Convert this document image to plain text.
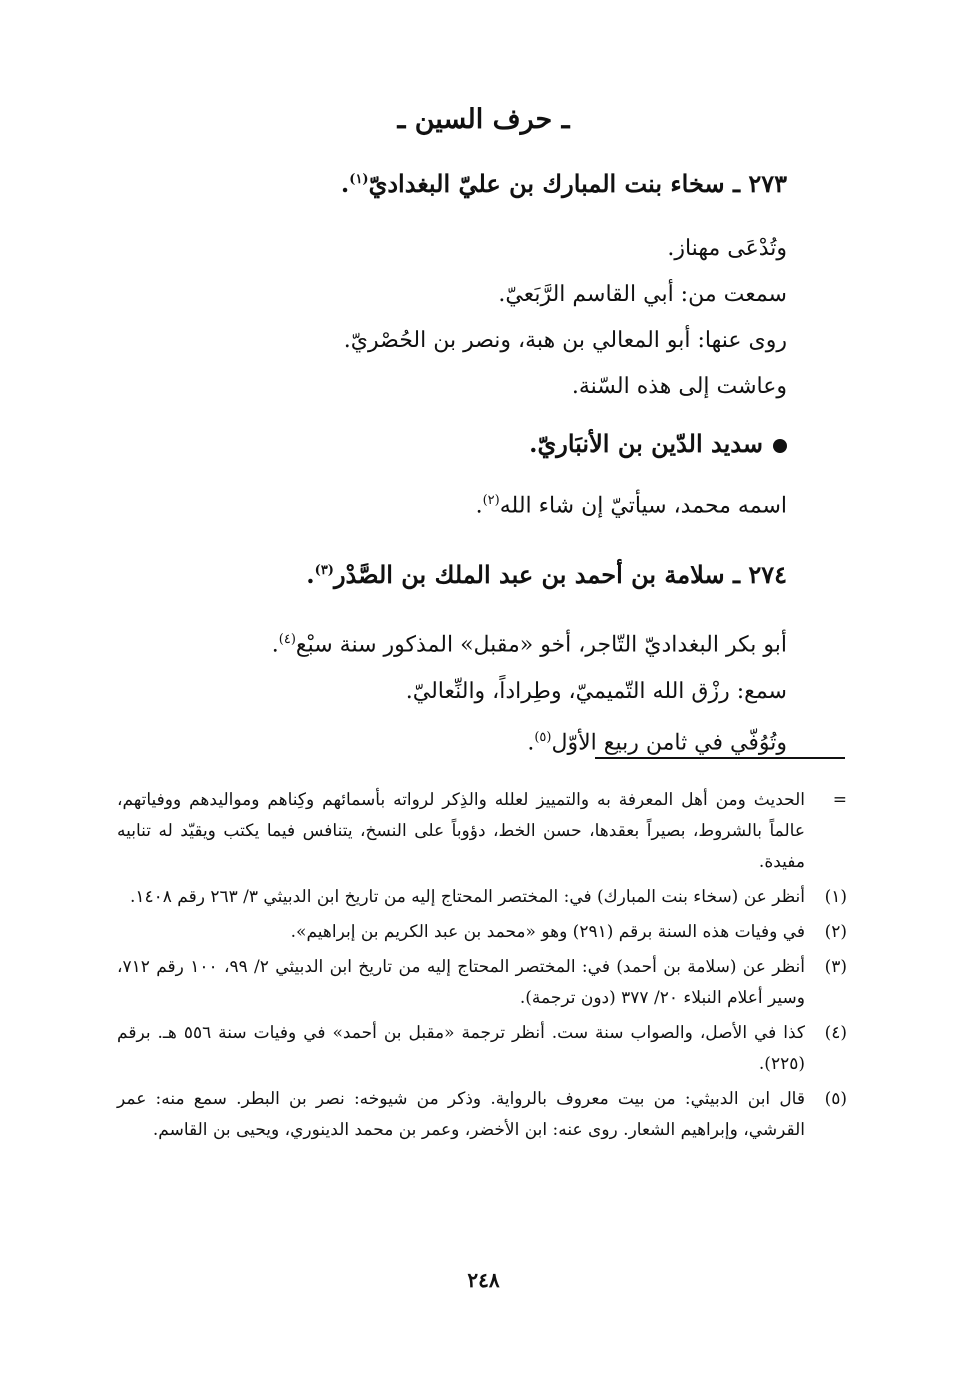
ـ حرف السين ـ
٢٧٣ ـ سخاء بنت المبارك بن عليّ البغداديّ$^{(١)}$.
وتُدْعَى مهناز.
سمعت من: أبي القاسم الرَّبَعيّ.
روى عنها: أبو المعالي بن هبة، ونصر بن الحُصْريّ.
وعاشت إلى هذه السّنة.
سديد الدّين بن الأنبَاريّ.
اسمه محمد، سيأتيّ إن شاء الله$^{(٢)}$.
٢٧٤ ـ سلامة بن أحمد بن عبد الملك بن الصَّدْر$^{(٣)}$.
أبو بكر البغداديّ التّاجر، أخو «مقبل» المذكور سنة سبْع$^{(٤)}$.
سمع: رزْق الله التّميميّ، وطِراداً، والنِّعاليّ.
وتُوُفّي في ثامن ربيع الأوّل$^{(٥)}$.
=
الحديث ومن أهل المعرفة به والتمييز لعلله والذِكر لرواته بأسمائهم وكِناهم ومواليدهم ووفياتهم، عالماً بالشروط، بصيراً بعقدها، حسن الخط، دؤوباً على النسخ، يتنافس فيما يكتب ويقيّد له تنابيه مفيدة.
(١)
أنظر عن (سخاء بنت المبارك) في: المختصر المحتاج إليه من تاريخ ابن الدبيثي ٣/ ٢٦٣ رقم ١٤٠٨.
(٢)
في وفيات هذه السنة برقم (٢٩١) وهو «محمد بن عبد الكريم بن إبراهيم».
(٣)
أنظر عن (سلامة بن أحمد) في: المختصر المحتاج إليه من تاريخ ابن الدبيثي ٢/ ٩٩، ١٠٠ رقم ٧١٢، وسير أعلام النبلاء ٢٠/ ٣٧٧ (دون ترجمة).
(٤)
كذا في الأصل، والصواب سنة ست. أنظر ترجمة «مقبل بن أحمد» في وفيات سنة ٥٥٦ هـ. برقم (٢٢٥).
(٥)
قال ابن الدبيثي: من بيت معروف بالرواية. وذكر من شيوخه: نصر بن البطر. سمع منه: عمر القرشي، وإبراهيم الشعار. روى عنه: ابن الأخضر، وعمر بن محمد الدينوري، ويحيى بن القاسم.
٢٤٨
